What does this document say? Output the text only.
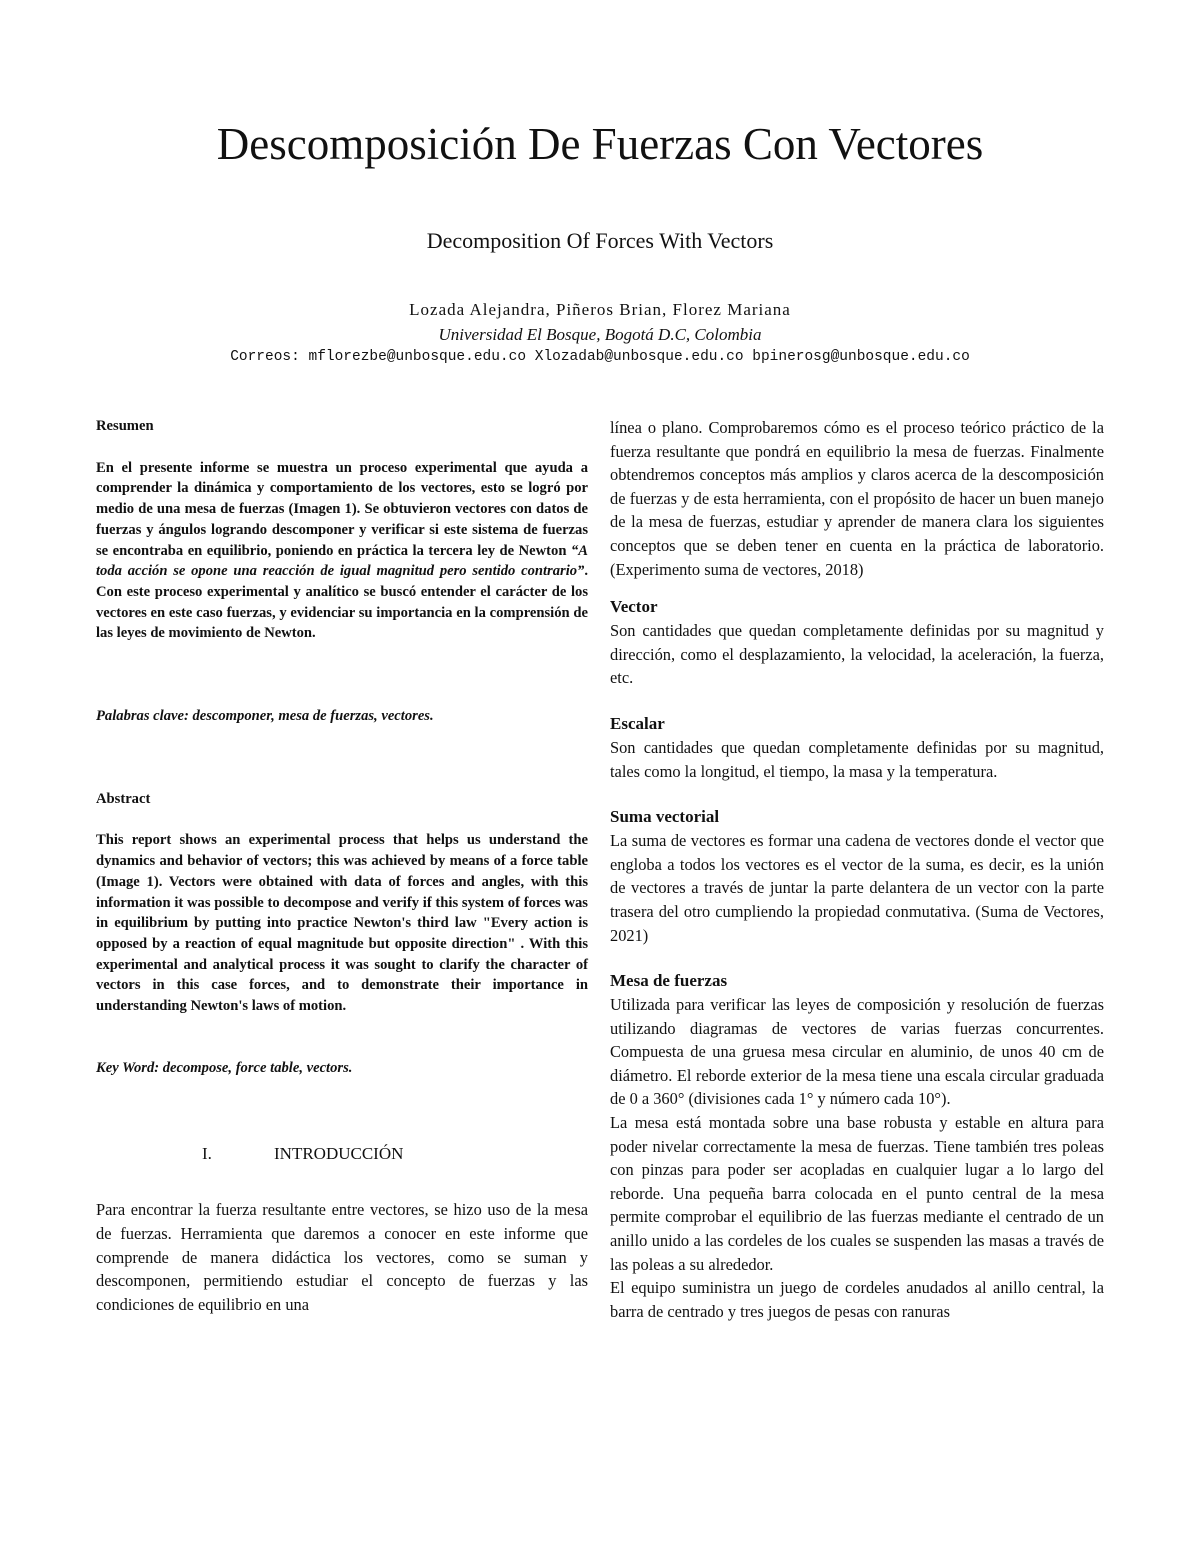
Descomposición De Fuerzas Con Vectores
Decomposition Of Forces With Vectors
Lozada Alejandra, Piñeros Brian, Florez Mariana
Universidad El Bosque, Bogotá D.C, Colombia
Correos: mflorezbe@unbosque.edu.co Xlozadab@unbosque.edu.co bpinerosg@unbosque.edu.co

Resumen

En el presente informe se muestra un proceso experimental que ayuda a comprender la dinámica y comportamiento de los vectores, esto se logró por medio de una mesa de fuerzas (Imagen 1). Se obtuvieron vectores con datos de fuerzas y ángulos logrando descomponer y verificar si este sistema de fuerzas se encontraba en equilibrio, poniendo en práctica la tercera ley de Newton “A toda acción se opone una reacción de igual magnitud pero sentido contrario”. Con este proceso experimental y analítico se buscó entender el carácter de los vectores en este caso fuerzas, y evidenciar su importancia en la comprensión de las leyes de movimiento de Newton.

Palabras clave: descomponer, mesa de fuerzas, vectores.

Abstract

This report shows an experimental process that helps us understand the dynamics and behavior of vectors; this was achieved by means of a force table (Image 1). Vectors were obtained with data of forces and angles, with this information it was possible to decompose and verify if this system of forces was in equilibrium by putting into practice Newton's third law "Every action is opposed by a reaction of equal magnitude but opposite direction" . With this experimental and analytical process it was sought to clarify the character of vectors in this case forces, and to demonstrate their importance in understanding Newton's laws of motion.

Key Word: decompose, force table, vectors.

I.	INTRODUCCIÓN

Para encontrar la fuerza resultante entre vectores, se hizo uso de la mesa de fuerzas. Herramienta que daremos a conocer en este informe que comprende de manera didáctica los vectores, como se suman y descomponen, permitiendo estudiar el concepto de fuerzas y las condiciones de equilibrio en una

línea o plano. Comprobaremos cómo es el proceso teórico práctico de la fuerza resultante que pondrá en equilibrio la mesa de fuerzas. Finalmente obtendremos conceptos más amplios y claros acerca de la descomposición de fuerzas y de esta herramienta, con el propósito de hacer un buen manejo de la mesa de fuerzas, estudiar y aprender de manera clara los siguientes conceptos que se deben tener en cuenta en la práctica de laboratorio. (Experimento suma de vectores, 2018)

Vector

Son cantidades que quedan completamente definidas por su magnitud y dirección, como el desplazamiento, la velocidad, la aceleración, la fuerza, etc.

Escalar

Son cantidades que quedan completamente definidas por su magnitud, tales como la longitud, el tiempo, la masa y la temperatura.

Suma vectorial

La suma de vectores es formar una cadena de vectores donde el vector que engloba a todos los vectores es el vector de la suma, es decir, es la unión de vectores a través de juntar la parte delantera de un vector con la parte trasera del otro cumpliendo la propiedad conmutativa. (Suma de Vectores, 2021)

Mesa de fuerzas

Utilizada para verificar las leyes de composición y resolución de fuerzas utilizando diagramas de vectores de varias fuerzas concurrentes. Compuesta de una gruesa mesa circular en aluminio, de unos 40 cm de diámetro. El reborde exterior de la mesa tiene una escala circular graduada de 0 a 360° (divisiones cada 1° y número cada 10°).

La mesa está montada sobre una base robusta y estable en altura para poder nivelar correctamente la mesa de fuerzas. Tiene también tres poleas con pinzas para poder ser acopladas en cualquier lugar a lo largo del reborde. Una pequeña barra colocada en el punto central de la mesa permite comprobar el equilibrio de las fuerzas mediante el centrado de un anillo unido a las cordeles de los cuales se suspenden las masas a través de las poleas a su alrededor.

El equipo suministra un juego de cordeles anudados al anillo central, la barra de centrado y tres juegos de pesas con ranuras
